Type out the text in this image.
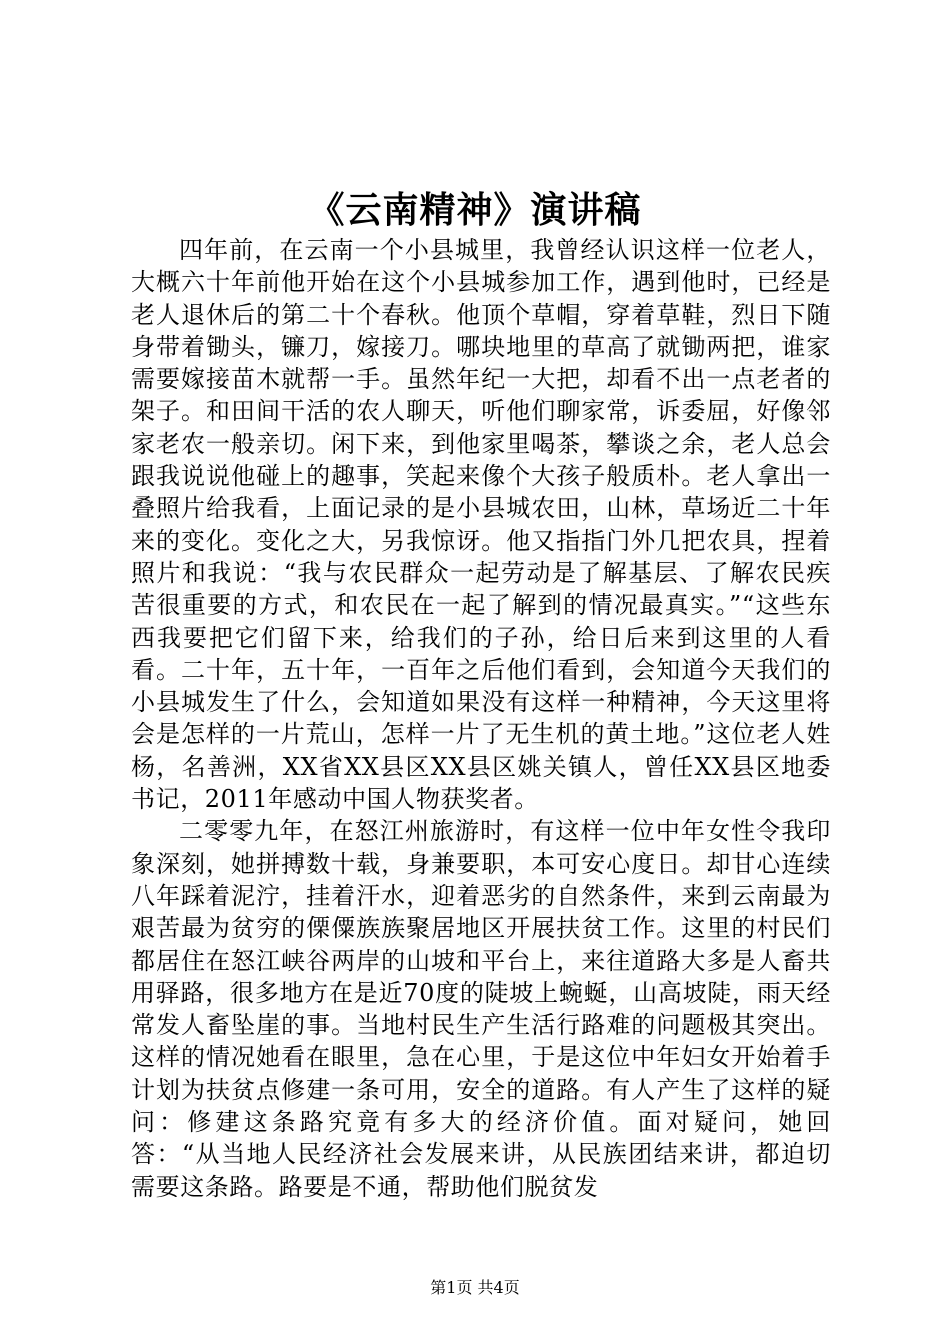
《云南精神》演讲稿

四年前，在云南一个小县城里，我曾经认识这样一位老人，大概六十年前他开始在这个小县城参加工作，遇到他时，已经是老人退休后的第二十个春秋。他顶个草帽，穿着草鞋，烈日下随身带着锄头，镰刀，嫁接刀。哪块地里的草高了就锄两把，谁家需要嫁接苗木就帮一手。虽然年纪一大把，却看不出一点老者的架子。和田间干活的农人聊天，听他们聊家常，诉委屈，好像邻家老农一般亲切。闲下来，到他家里喝茶，攀谈之余，老人总会跟我说说他碰上的趣事，笑起来像个大孩子般质朴。老人拿出一叠照片给我看，上面记录的是小县城农田，山林，草场近二十年来的变化。变化之大，另我惊讶。他又指指门外几把农具，捏着照片和我说：“我与农民群众一起劳动是了解基层、了解农民疾苦很重要的方式，和农民在一起了解到的情况最真实。”“这些东西我要把它们留下来，给我们的子孙，给日后来到这里的人看看。二十年，五十年，一百年之后他们看到，会知道今天我们的小县城发生了什么，会知道如果没有这样一种精神，今天这里将会是怎样的一片荒山，怎样一片了无生机的黄土地。”这位老人姓杨，名善洲，XX省XX县区XX县区姚关镇人，曾任XX县区地委书记，2011年感动中国人物获奖者。

二零零九年，在怒江州旅游时，有这样一位中年女性令我印象深刻，她拼搏数十载，身兼要职，本可安心度日。却甘心连续八年踩着泥泞，挂着汗水，迎着恶劣的自然条件，来到云南最为艰苦最为贫穷的傈僳族族聚居地区开展扶贫工作。这里的村民们都居住在怒江峡谷两岸的山坡和平台上，来往道路大多是人畜共用驿路，很多地方在是近70度的陡坡上蜿蜒，山高坡陡，雨天经常发人畜坠崖的事。当地村民生产生活行路难的问题极其突出。这样的情况她看在眼里，急在心里，于是这位中年妇女开始着手计划为扶贫点修建一条可用，安全的道路。有人产生了这样的疑问：修建这条路究竟有多大的经济价值。面对疑问，她回答：“从当地人民经济社会发展来讲，从民族团结来讲，都迫切需要这条路。路要是不通，帮助他们脱贫发

第1页 共4页
